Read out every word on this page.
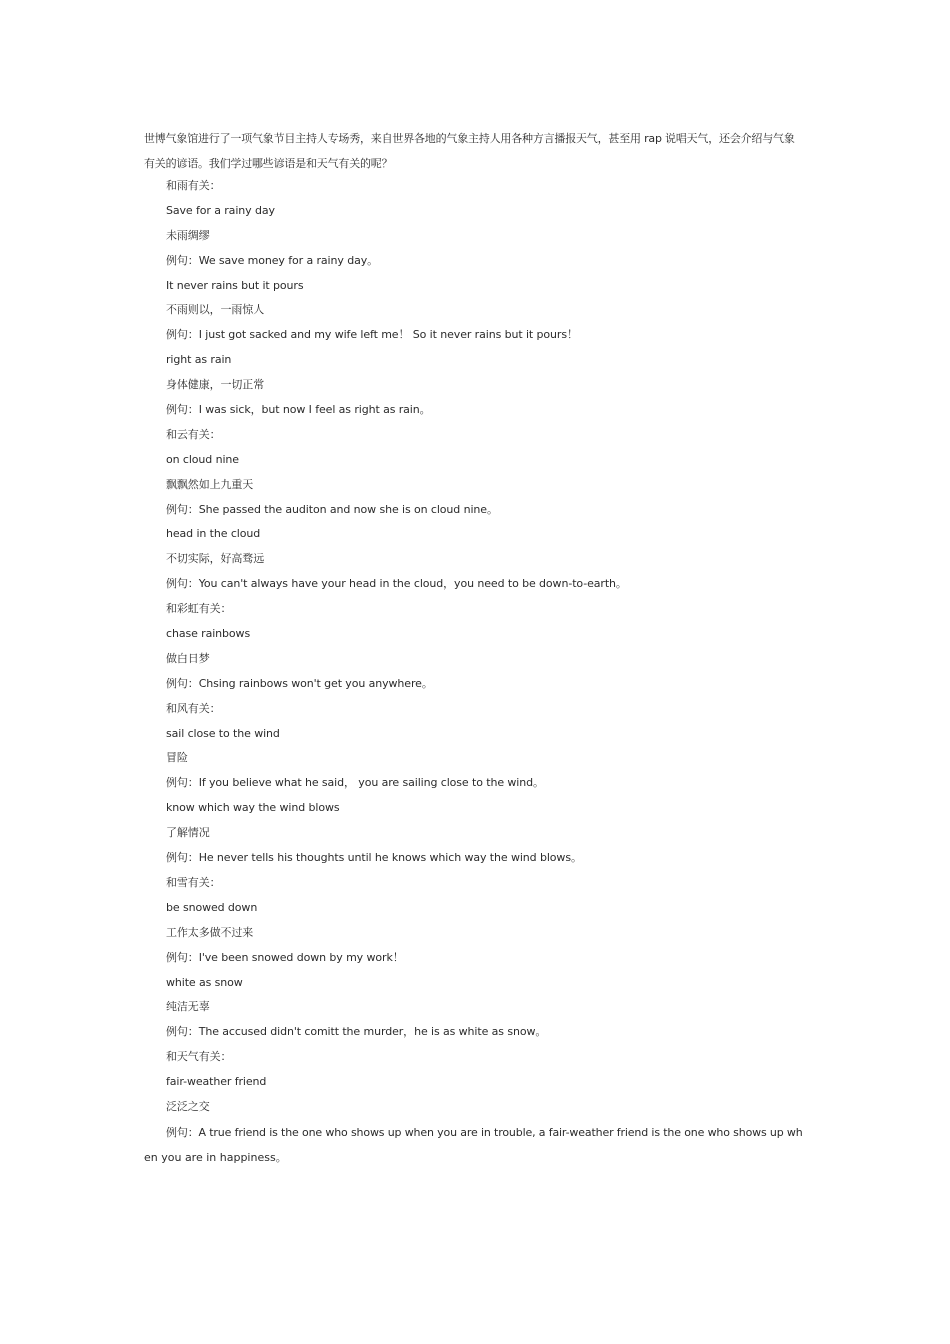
世博气象馆进行了一项气象节目主持人专场秀，来自世界各地的气象主持人用各种方言播报天气，甚至用 rap 说唱天气，还会介绍与气象
有关的谚语。我们学过哪些谚语是和天气有关的呢？

和雨有关：
Save for a rainy day
未雨绸缪
例句：We save money for a rainy day。
It never rains but it pours
不雨则以，一雨惊人
例句：I just got sacked and my wife left me！ So it never rains but it pours！
right as rain
身体健康，一切正常
例句：I was sick，but now I feel as right as rain。
和云有关：
on cloud nine
飘飘然如上九重天
例句：She passed the auditon and now she is on cloud nine。
head in the cloud
不切实际，好高骛远
例句：You can't always have your head in the cloud，you need to be down-to-earth。
和彩虹有关：
chase rainbows
做白日梦
例句：Chsing rainbows won't get you anywhere。
和风有关：
sail close to the wind
冒险
例句：If you believe what he said， you are sailing close to the wind。
know which way the wind blows
了解情况
例句：He never tells his thoughts until he knows which way the wind blows。
和雪有关：
be snowed down
工作太多做不过来
例句：I've been snowed down by my work！
white as snow
纯洁无辜
例句：The accused didn't comitt the murder，he is as white as snow。
和天气有关：
fair-weather friend
泛泛之交

例句：A true friend is the one who shows up when you are in trouble, a fair-weather friend is the one who shows up wh
en you are in happiness。
